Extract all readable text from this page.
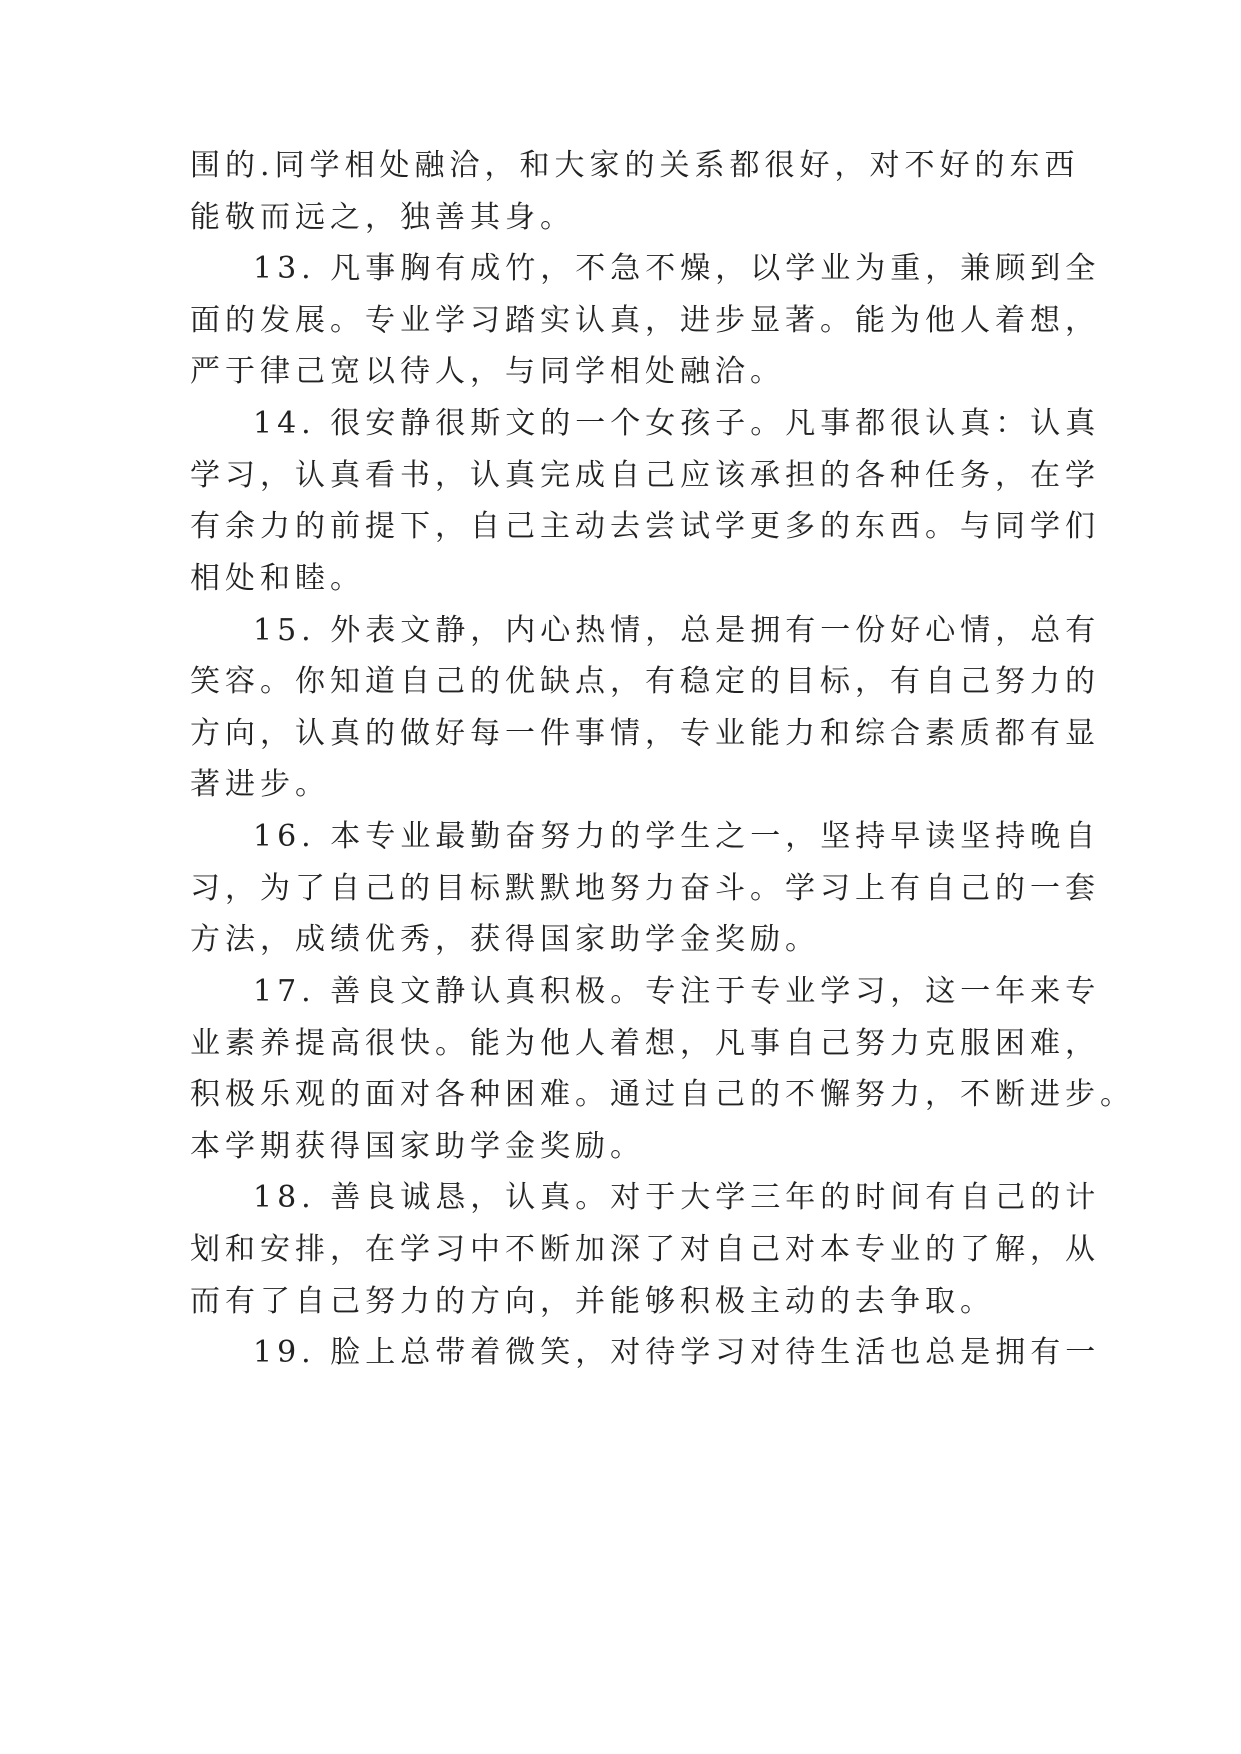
围的.同学相处融洽，和大家的关系都很好，对不好的东西
能敬而远之，独善其身。
13. 凡事胸有成竹，不急不燥，以学业为重，兼顾到全
面的发展。专业学习踏实认真，进步显著。能为他人着想，
严于律己宽以待人，与同学相处融洽。
14. 很安静很斯文的一个女孩子。凡事都很认真：认真
学习，认真看书，认真完成自己应该承担的各种任务，在学
有余力的前提下，自己主动去尝试学更多的东西。与同学们
相处和睦。
15. 外表文静，内心热情，总是拥有一份好心情，总有
笑容。你知道自己的优缺点，有稳定的目标，有自己努力的
方向，认真的做好每一件事情，专业能力和综合素质都有显
著进步。
16. 本专业最勤奋努力的学生之一，坚持早读坚持晚自
习，为了自己的目标默默地努力奋斗。学习上有自己的一套
方法，成绩优秀，获得国家助学金奖励。
17. 善良文静认真积极。专注于专业学习，这一年来专
业素养提高很快。能为他人着想，凡事自己努力克服困难，
积极乐观的面对各种困难。通过自己的不懈努力，不断进步。
本学期获得国家助学金奖励。
18. 善良诚恳，认真。对于大学三年的时间有自己的计
划和安排，在学习中不断加深了对自己对本专业的了解，从
而有了自己努力的方向，并能够积极主动的去争取。
19. 脸上总带着微笑，对待学习对待生活也总是拥有一
